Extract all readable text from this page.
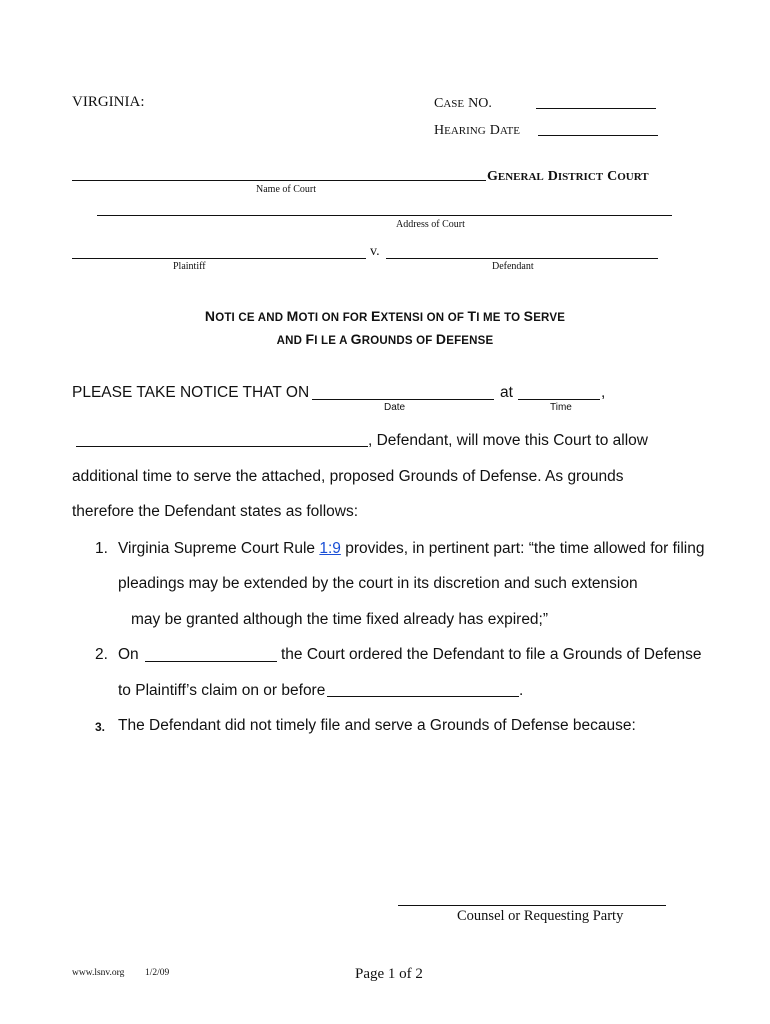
VIRGINIA:	CASE NO.
HEARING DATE
GENERAL DISTRICT COURT
Name of Court
Address of Court
v.
Plaintiff	Defendant
NOTI CE AND MOTI ON FOR EXTENSI ON OF TI ME TO SERVE
AND FI LE A GROUNDS OF DEFENSE
PLEASE TAKE NOTICE THAT ON	at	,
Date	Time
, Defendant, will move this Court to allow
additional time to serve the attached, proposed Grounds of Defense. As grounds
therefore the Defendant states as follows:
1. Virginia Supreme Court Rule 1:9 provides, in pertinent part: “the time allowed for filing
pleadings may be extended by the court in its discretion and such extension
may be granted although the time fixed already has expired;”
2. On	the Court ordered the Defendant to file a Grounds of Defense
to Plaintiff’s claim on or before	.
3. The Defendant did not timely file and serve a Grounds of Defense because:
Counsel or Requesting Party
www.lsnv.org 1/2/09	Page 1 of 2
